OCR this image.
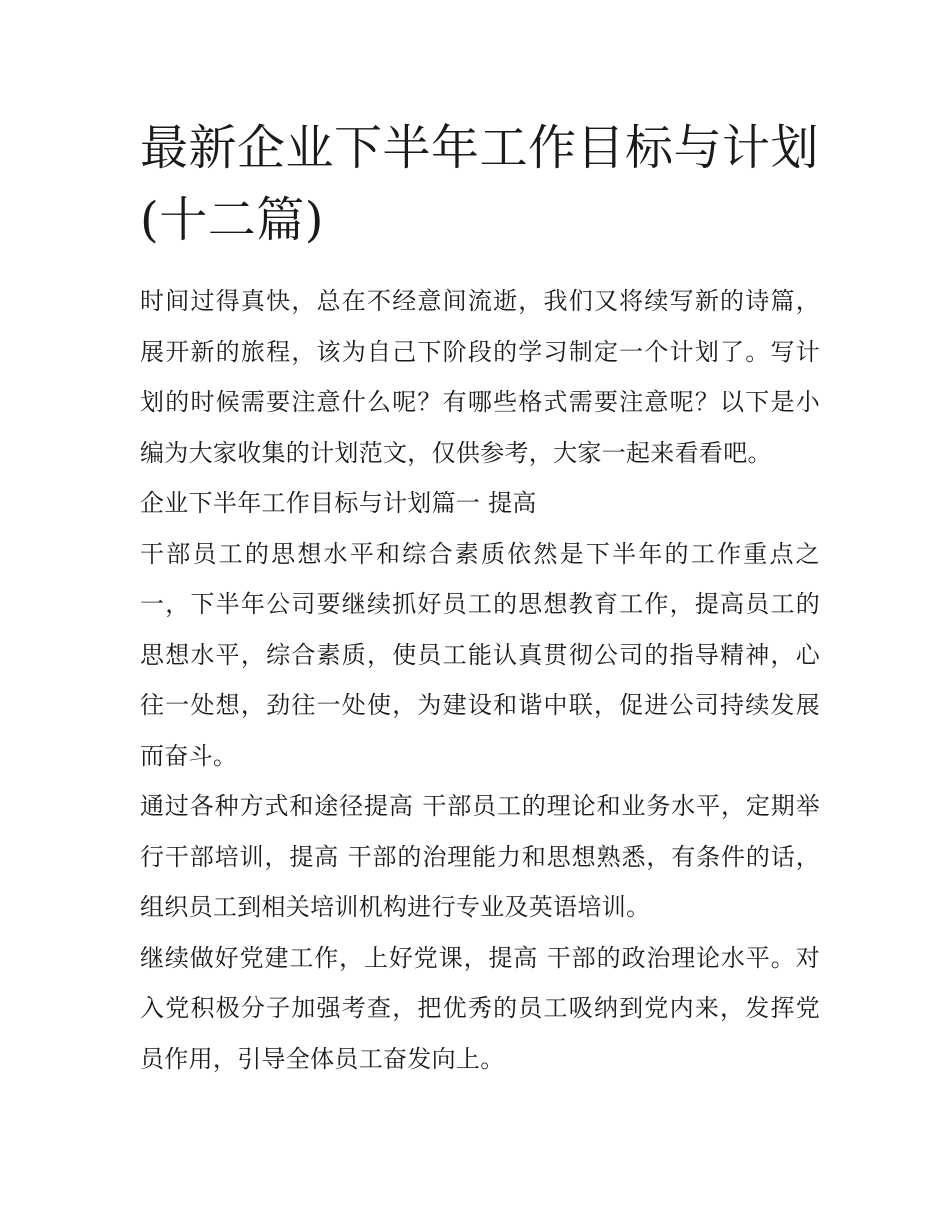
最新企业下半年工作目标与计划(十二篇)

时间过得真快，总在不经意间流逝，我们又将续写新的诗篇，展开新的旅程，该为自己下阶段的学习制定一个计划了。写计划的时候需要注意什么呢？有哪些格式需要注意呢？以下是小编为大家收集的计划范文，仅供参考，大家一起来看看吧。

企业下半年工作目标与计划篇一 提高

干部员工的思想水平和综合素质依然是下半年的工作重点之一，下半年公司要继续抓好员工的思想教育工作，提高员工的思想水平，综合素质，使员工能认真贯彻公司的指导精神，心往一处想，劲往一处使，为建设和谐中联，促进公司持续发展而奋斗。

通过各种方式和途径提高 干部员工的理论和业务水平，定期举行干部培训，提高 干部的治理能力和思想熟悉，有条件的话，组织员工到相关培训机构进行专业及英语培训。

继续做好党建工作，上好党课，提高 干部的政治理论水平。对入党积极分子加强考查，把优秀的员工吸纳到党内来，发挥党员作用，引导全体员工奋发向上。
